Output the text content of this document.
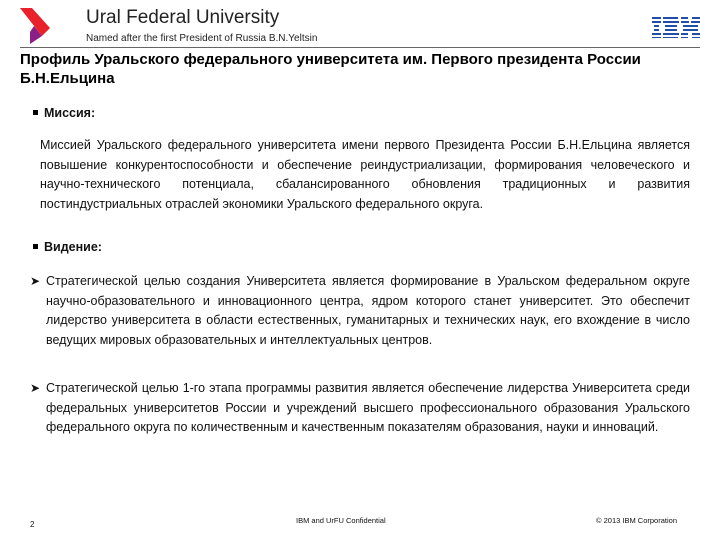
Ural Federal University
Named after the first President of Russia B.N.Yeltsin
Профиль Уральского федерального университета им. Первого президента России Б.Н.Ельцина
Миссия:
Миссией Уральского федерального университета имени первого Президента России Б.Н.Ельцина является повышение конкурентоспособности и обеспечение реиндустриализации, формирования человеческого и научно-технического потенциала, сбалансированного обновления традиционных и развития постиндустриальных отраслей экономики Уральского федерального округа.
Видение:
➤ Стратегической целью создания Университета является формирование в Уральском федеральном округе научно-образовательного и инновационного центра, ядром которого станет университет. Это обеспечит лидерство университета в области естественных, гуманитарных и технических наук, его вхождение в число ведущих мировых образовательных и интеллектуальных центров.
➤ Стратегической целью 1-го этапа программы развития является обеспечение лидерства Университета среди федеральных университетов России и учреждений высшего профессионального образования Уральского федерального округа по количественным и качественным показателям образования, науки и инноваций.
2	IBM and UrFU Confidential	© 2013 IBM Corporation
